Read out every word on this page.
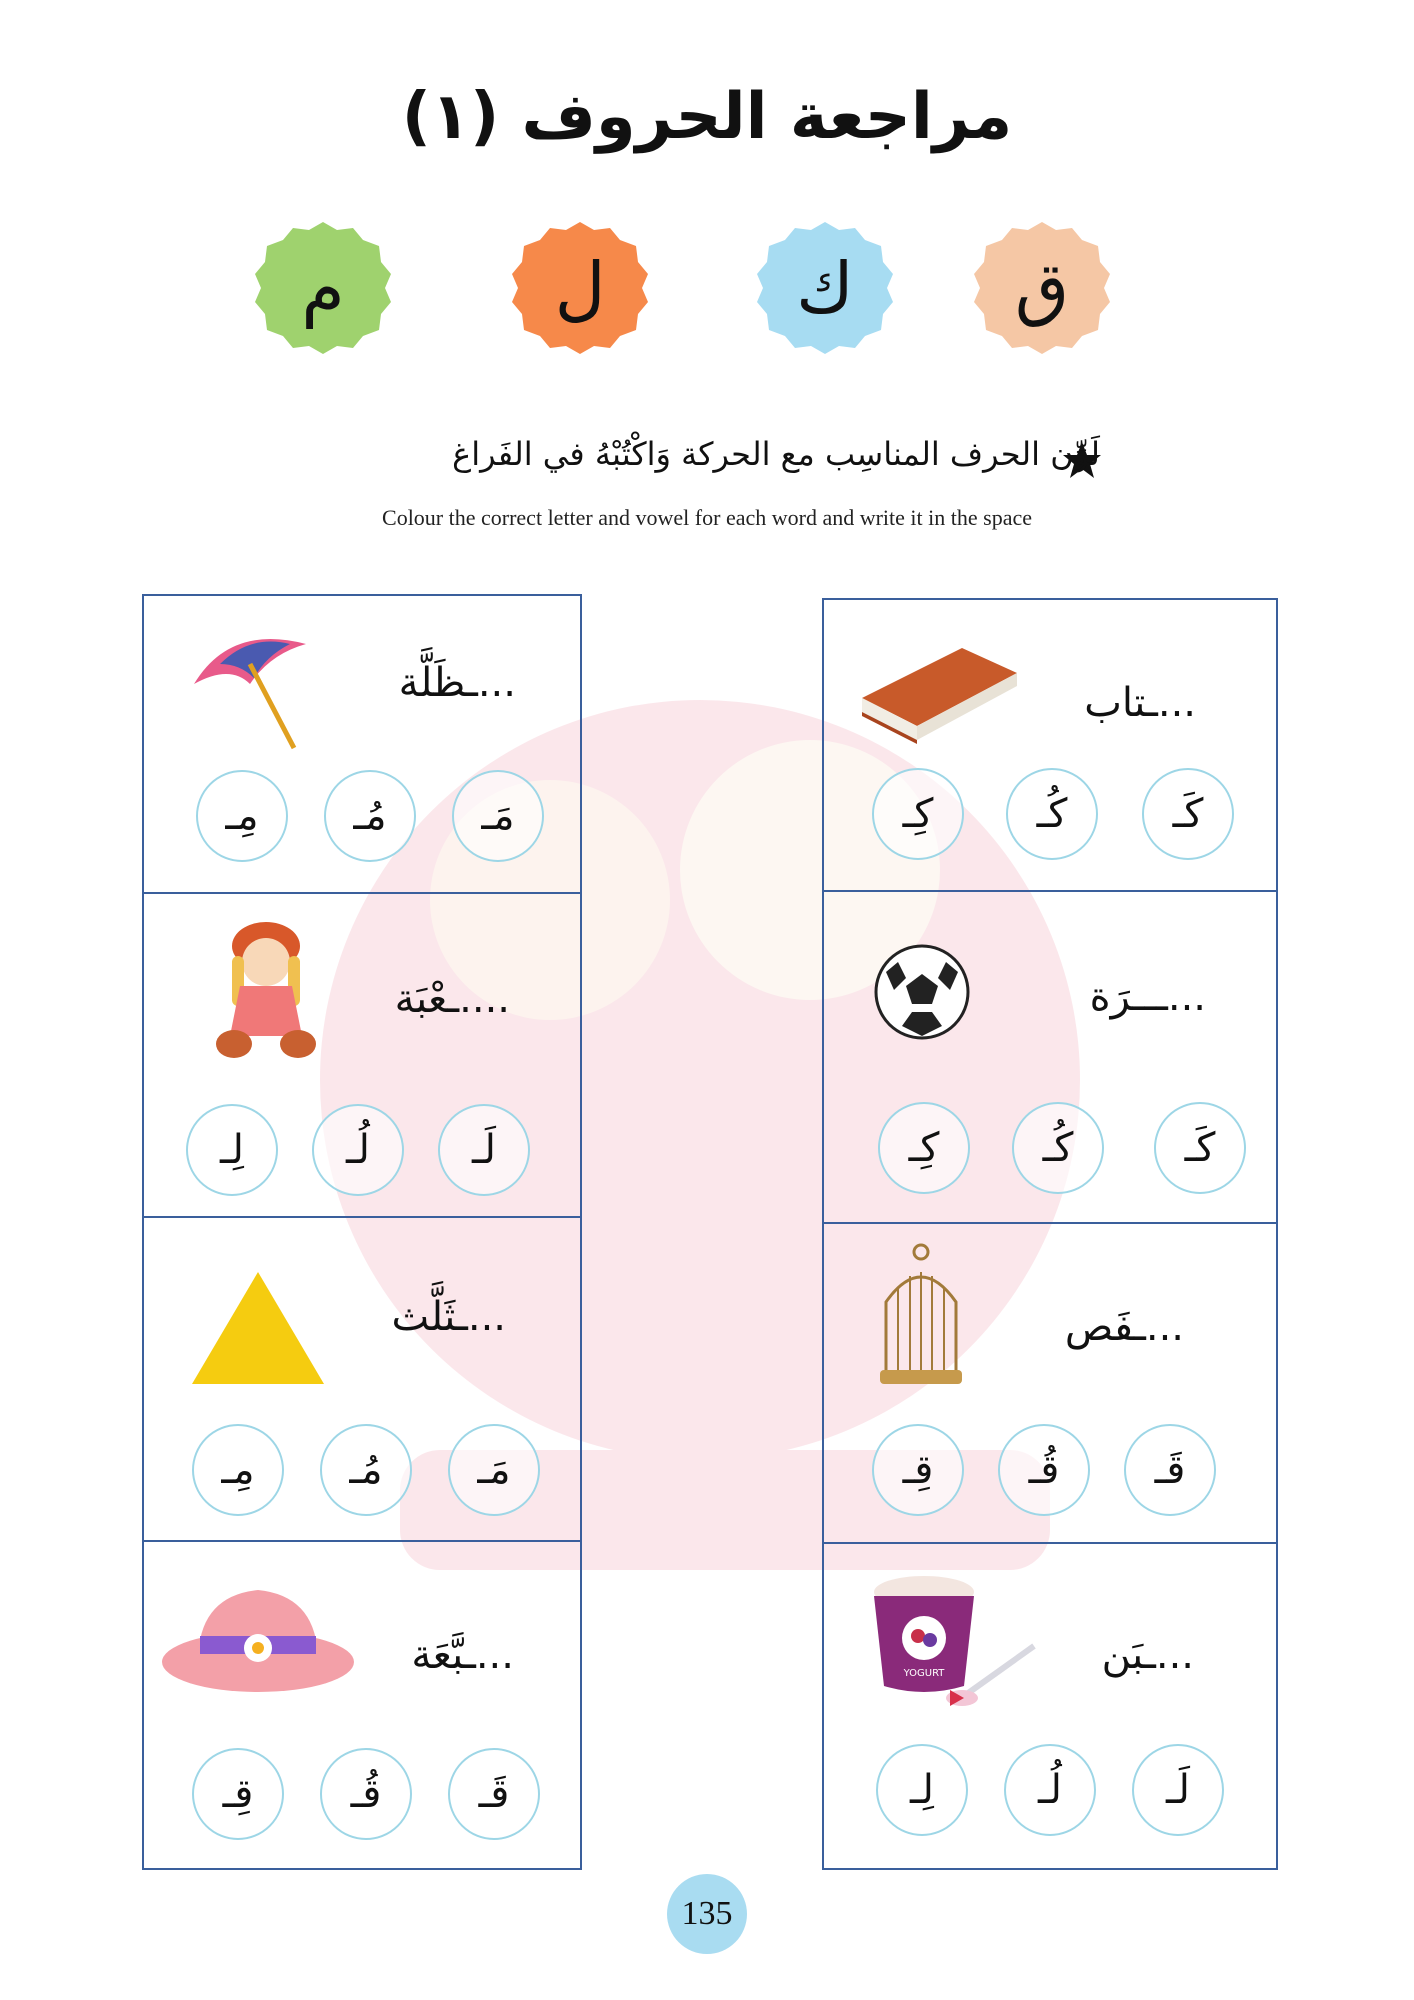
مراجعة الحروف (١)
ق
ك
ل
م
لَوِّن الحرف المناسِب مع الحركة وَاكْتُبْهُ في الفَراغ
Colour the correct letter and vowel for each word and write it in the space
...ـتاب
كَـ
كُـ
كِـ
...ـــرَة
كَـ
كُـ
كِـ
...ـفَص
قَـ
قُـ
قِـ
YOGURT	...ـبَن
لَـ
لُـ
لِـ
...ـظَلَّة
مَـ
مُـ
مِـ
....ـعْبَة
لَـ
لُـ
لِـ
...ـثَلَّث
مَـ
مُـ
مِـ
...ـبَّعَة
قَـ
قُـ
قِـ
135
